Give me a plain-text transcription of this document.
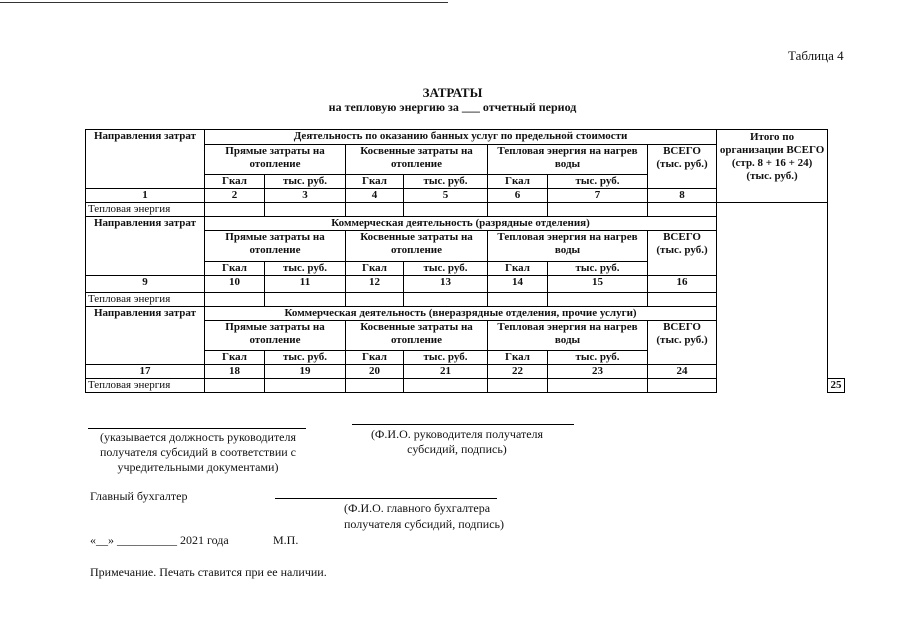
Таблица 4
ЗАТРАТЫ
на тепловую энергию за ___ отчетный период
Направления затрат	Деятельность по оказанию банных услуг по предельной стоимости							Итого по организации ВСЕГО (стр. 8 + 16 + 24) (тыс. руб.)	
	Прямые затраты на отопление		Косвенные затраты на отопление		Тепловая энергия на нагрев воды		ВСЕГО (тыс. руб.)		
	Гкал	тыс. руб.	Гкал	тыс. руб.	Гкал	тыс. руб.			
1	2	3	4	5	6	7	8		
Тепловая энергия									
Направления затрат	Коммерческая деятельность (разрядные отделения)								
	Прямые затраты на отопление		Косвенные затраты на отопление		Тепловая энергия на нагрев воды		ВСЕГО (тыс. руб.)		
	Гкал	тыс. руб.	Гкал	тыс. руб.	Гкал	тыс. руб.			
9	10	11	12	13	14	15	16		
Тепловая энергия									
Направления затрат	Коммерческая деятельность (внеразрядные отделения, прочие услуги)								
	Прямые затраты на отопление		Косвенные затраты на отопление		Тепловая энергия на нагрев воды		ВСЕГО (тыс. руб.)		
	Гкал	тыс. руб.	Гкал	тыс. руб.	Гкал	тыс. руб.			
17	18	19	20	21	22	23	24		
Тепловая энергия									25
(указывается должность руководителя получателя субсидий в соответствии с учредительными документами)
(Ф.И.О. руководителя получателя субсидий, подпись)
Главный бухгалтер
(Ф.И.О. главного бухгалтера получателя субсидий, подпись)
«__» __________ 2021 года	М.П.
Примечание. Печать ставится при ее наличии.
